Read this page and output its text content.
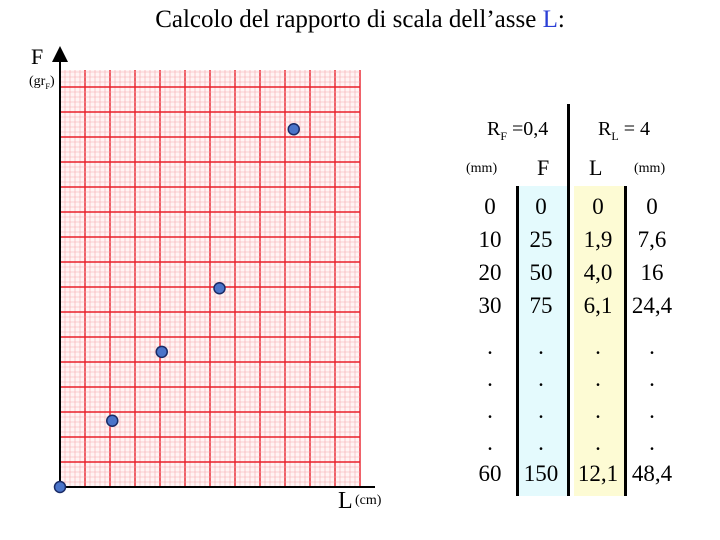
Calcolo del rapporto di scala dell’asse L:
F
$(gr_F)$
L (cm)
$R_F =0,4$ $R_L = 4$
(mm) F L (mm)
0	0	0	0
10	25	1,9	7,6
20	50	4,0	16
30	75	6,1 24,4
.	.	.	.
.	.	.	.
.	.	.	.
.	.	.	.
60 150 12,1 48,4
